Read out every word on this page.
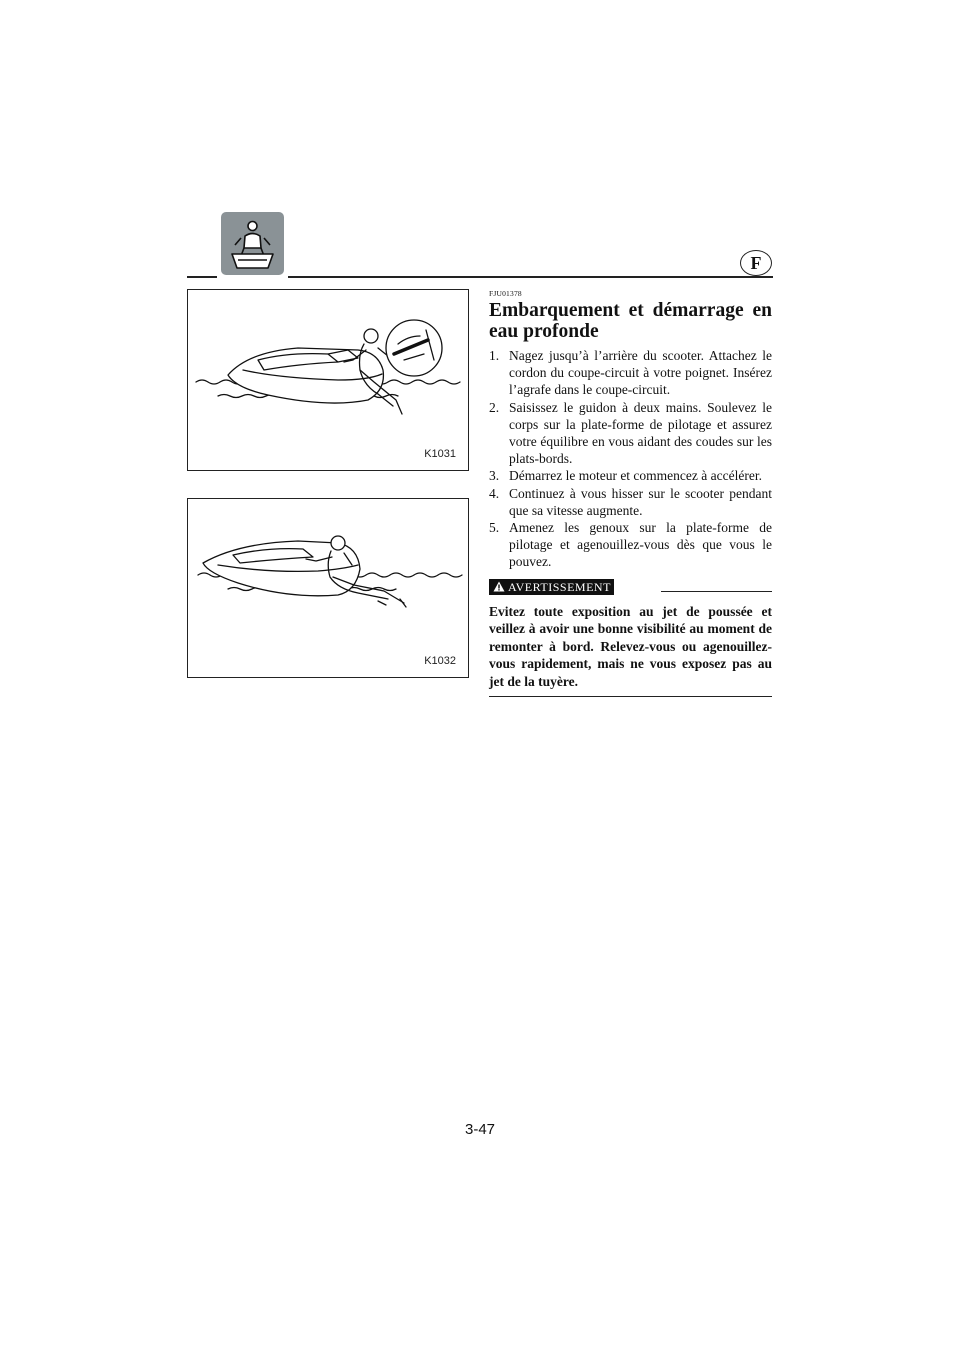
F
K1031
K1032
FJU01378
Embarquement et démarrage en eau profonde
1. Nagez jusqu’à l’arrière du scooter. Attachez le cordon du coupe-circuit à votre poignet. Insérez l’agrafe dans le coupe-circuit.
2. Saisissez le guidon à deux mains. Soulevez le corps sur la plate-forme de pilotage et assurez votre équilibre en vous aidant des coudes sur les plats-bords.
3. Démarrez le moteur et commencez à accélérer.
4. Continuez à vous hisser sur le scooter pendant que sa vitesse augmente.
5. Amenez les genoux sur la plate-forme de pilotage et agenouillez-vous dès que vous le pouvez.
AVERTISSEMENT
Evitez toute exposition au jet de poussée et veillez à avoir une bonne visibilité au moment de remonter à bord. Relevez-vous ou agenouillez-vous rapidement, mais ne vous exposez pas au jet de la tuyère.
3-47
